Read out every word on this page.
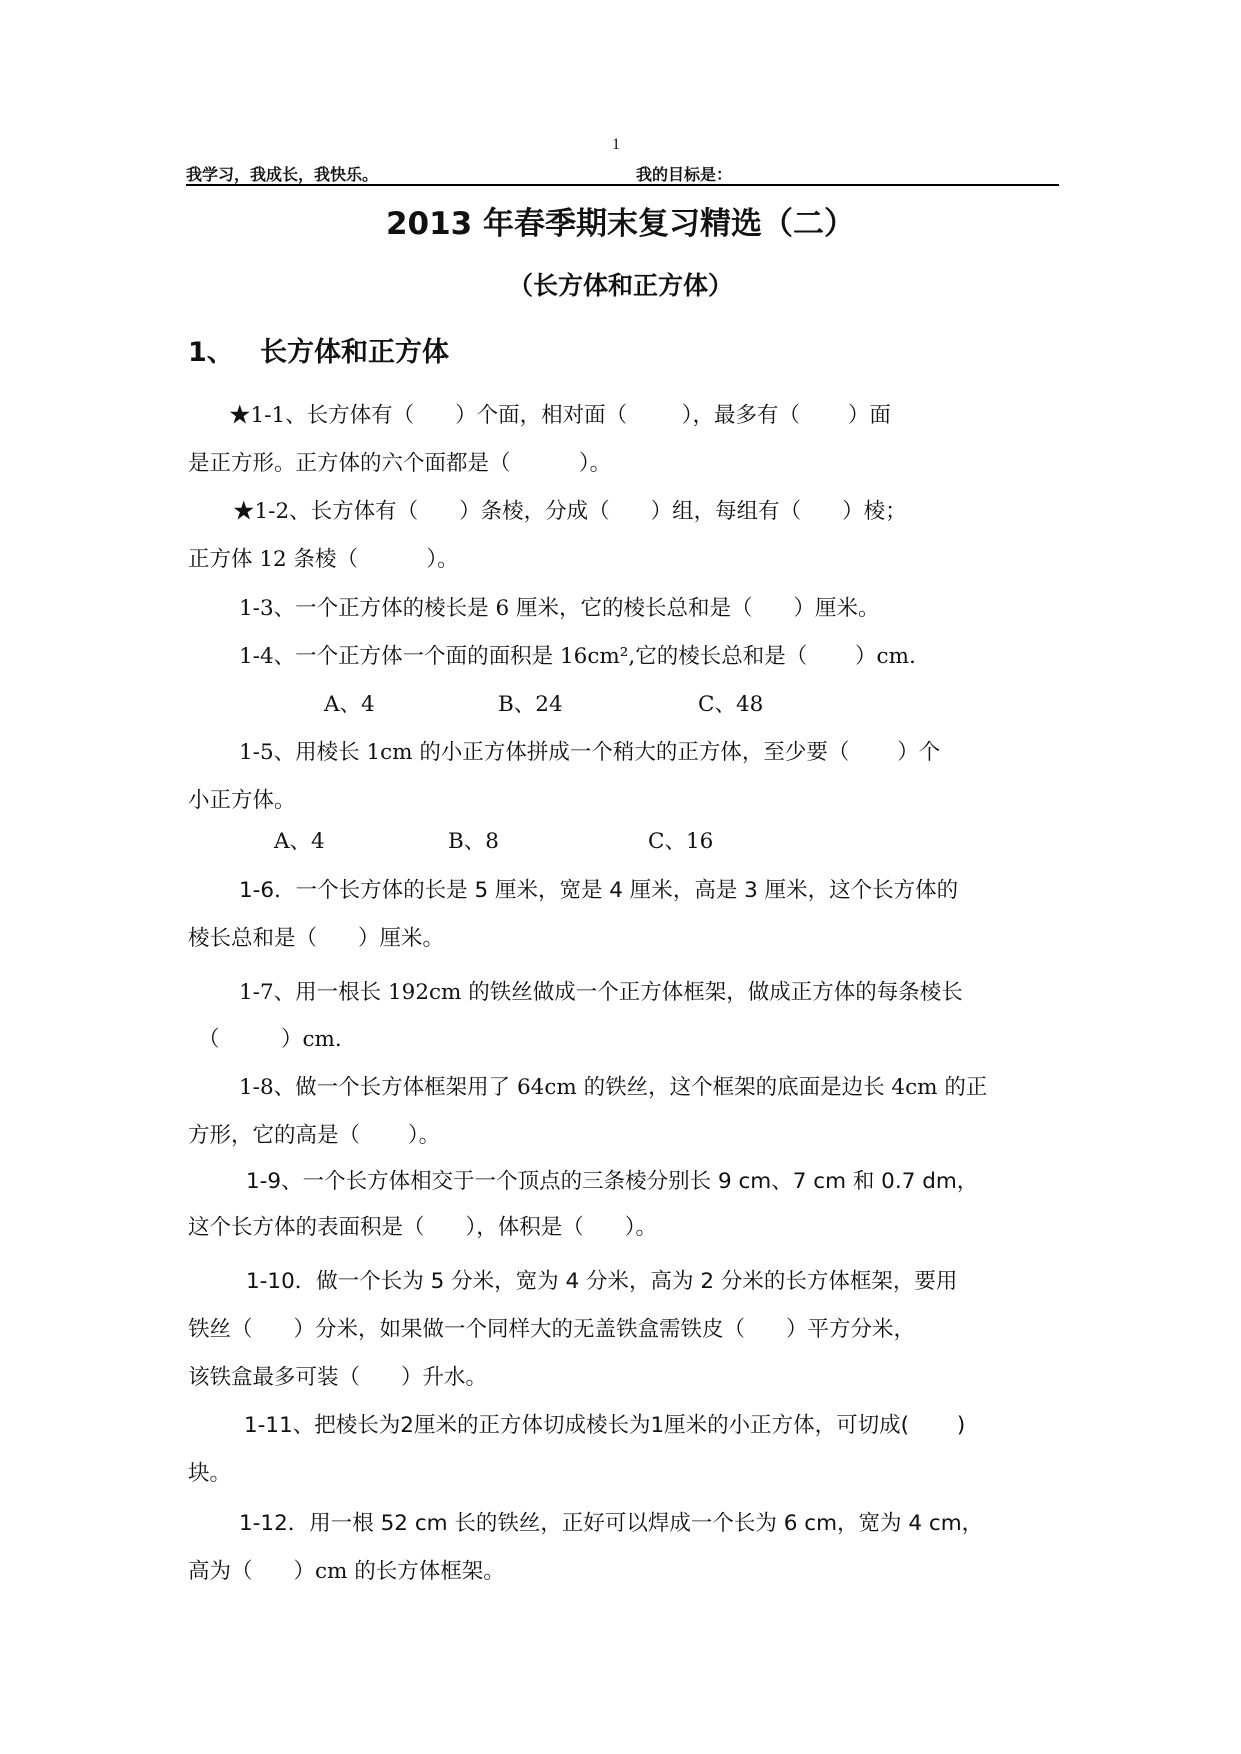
1
我学习，我成长，我快乐。	我的目标是：
2013 年春季期末复习精选（二）
（长方体和正方体）
1、 长方体和正方体
★1-1、长方体有（      ）个面，相对面（        ），最多有（       ）面
是正方形。正方体的六个面都是（          ）。
★1-2、长方体有（      ）条棱，分成（      ）组，每组有（      ）棱；
正方体 12 条棱（          ）。
1-3、一个正方体的棱长是 6 厘米，它的棱长总和是（      ）厘米。
1-4、一个正方体一个面的面积是 16cm²,它的棱长总和是（       ）cm.
A、4	B、24	C、48
1-5、用棱长 1cm 的小正方体拼成一个稍大的正方体，至少要（       ）个
小正方体。
A、4	B、8	C、16
1-6．一个长方体的长是 5 厘米，宽是 4 厘米，高是 3 厘米，这个长方体的
棱长总和是（      ）厘米。
1-7、用一根长 192cm 的铁丝做成一个正方体框架，做成正方体的每条棱长
（         ）cm.
1-8、做一个长方体框架用了 64cm 的铁丝，这个框架的底面是边长 4cm 的正
方形，它的高是（       ）。
1-9、一个长方体相交于一个顶点的三条棱分别长 9 cm、7 cm 和 0.7 dm，
这个长方体的表面积是（      ），体积是（      ）。
1-10．做一个长为 5 分米，宽为 4 分米，高为 2 分米的长方体框架，要用
铁丝（      ）分米，如果做一个同样大的无盖铁盒需铁皮（      ）平方分米，
该铁盒最多可装（      ）升水。
1-11、把棱长为2厘米的正方体切成棱长为1厘米的小正方体，可切成(       )
块。
1-12．用一根 52 cm 长的铁丝，正好可以焊成一个长为 6 cm，宽为 4 cm，
高为（      ）cm 的长方体框架。
